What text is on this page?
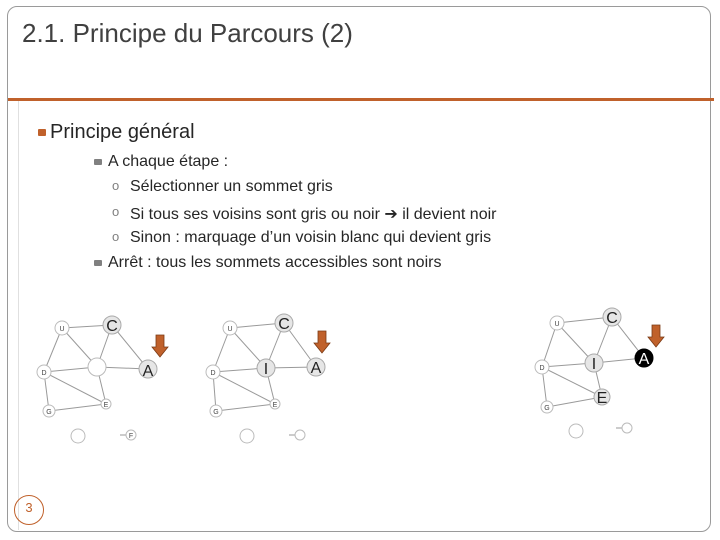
2.1. Principe du Parcours (2)
Principe général
A chaque étape :
o Sélectionner un sommet gris
o Si tous ses voisins sont gris ou noir ➔ il devient noir
o Sinon : marquage d’un voisin blanc qui devient gris
Arrêt : tous les sommets accessibles sont noirs
U	C
D	A
E
G
F
U	C
D	I	A
E
G
U	C
D	I	A
E
G
3
